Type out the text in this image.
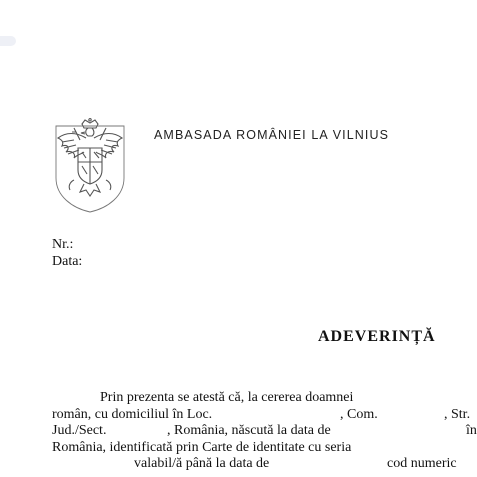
AMBASADA ROMÂNIEI LA VILNIUS
Nr.:
Data:
ADEVERINȚĂ
Prin prezenta se atestă că, la cererea doamnei
român, cu domiciliul în Loc.	, Com.	, Str.
Jud./Sect.	, România, născută la data de	în
România, identificată prin Carte de identitate cu seria
valabil/ă până la data de	cod numeric
